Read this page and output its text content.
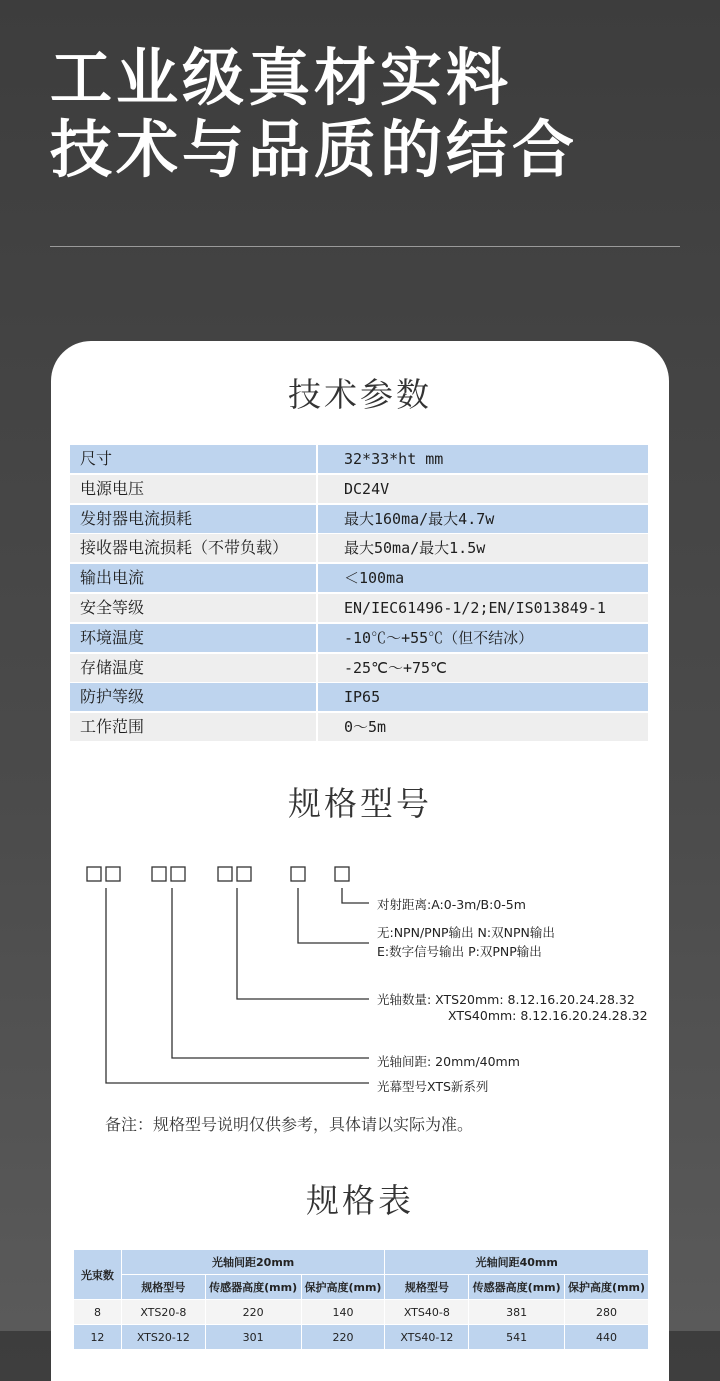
工业级真材实料
技术与品质的结合
技术参数
尺寸	32*33*ht mm
电源电压	DC24V
发射器电流损耗	最大160ma/最大4.7w
接收器电流损耗（不带负载）	最大50ma/最大1.5w
输出电流	＜100ma
安全等级	EN/IEC61496-1/2;EN/IS013849-1
环境温度	-10℃～+55℃（但不结冰）
存储温度	-25℃～+75℃
防护等级	IP65
工作范围	0～5m
规格型号
对射距离:A:0-3m/B:0-5m
无:NPN/PNP输出 N:双NPN输出
E:数字信号输出 P:双PNP输出
光轴数量: XTS20mm: 8.12.16.20.24.28.32
XTS40mm: 8.12.16.20.24.28.32
光轴间距: 20mm/40mm
光幕型号XTS新系列
备注：规格型号说明仅供参考，具体请以实际为准。
规格表
光束数	光轴间距20mm			光轴间距40mm		
	规格型号	传感器高度(mm)	保护高度(mm)	规格型号	传感器高度(mm)	保护高度(mm)
8	XTS20-8	220	140	XTS40-8	381	280
12	XTS20-12	301	220	XTS40-12	541	440
